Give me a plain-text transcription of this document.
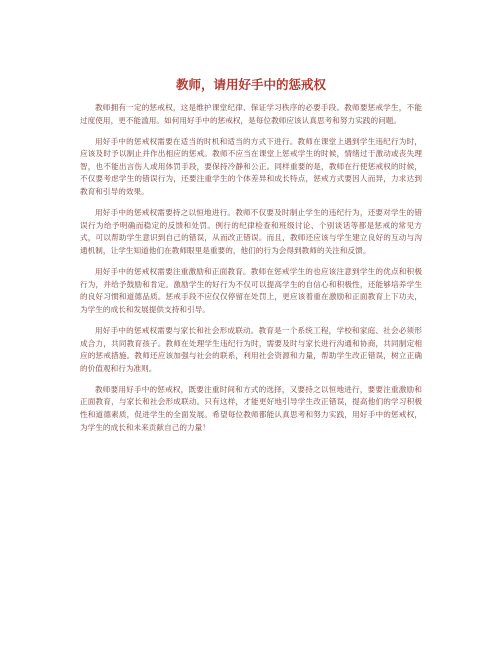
教师，请用好手中的惩戒权

教师拥有一定的惩戒权，这是维护课堂纪律、保证学习秩序的必要手段。教师要惩戒学生，不能过度使用，更不能滥用。如何用好手中的惩戒权，是每位教师应该认真思考和努力实践的问题。

用好手中的惩戒权需要在适当的时机和适当的方式下进行。教师在课堂上遇到学生违纪行为时，应该及时予以制止并作出相应的惩戒。教师不应当在课堂上惩戒学生的时候，情绪过于激动或丧失理智，也不能出言伤人或用体罚手段，要保持冷静和公正。同样重要的是，教师在行使惩戒权的时候，不仅要考虑学生的错误行为，还要注重学生的个体差异和成长特点，惩戒方式要因人而异，力求达到教育和引导的效果。

用好手中的惩戒权需要持之以恒地进行。教师不仅要及时制止学生的违纪行为，还要对学生的错误行为给予明确而稳定的反馈和处罚。例行的纪律检查和班级讨论、个别谈话等都是惩戒的常见方式，可以帮助学生意识到自己的错误，从而改正错误。而且，教师还应该与学生建立良好的互动与沟通机制，让学生知道他们在教师眼里是重要的，他们的行为会得到教师的关注和反馈。

用好手中的惩戒权需要注重激励和正面教育。教师在惩戒学生的也应该注意到学生的优点和积极行为，并给予鼓励和肯定。激励学生的好行为不仅可以提高学生的自信心和积极性，还能够培养学生的良好习惯和道德品质。惩戒手段不应仅仅停留在处罚上，更应该着重在激励和正面教育上下功夫，为学生的成长和发展提供支持和引导。

用好手中的惩戒权需要与家长和社会形成联动。教育是一个系统工程，学校和家庭、社会必须形成合力，共同教育孩子。教师在处理学生违纪行为时，需要及时与家长进行沟通和协商，共同制定相应的惩戒措施。教师还应该加强与社会的联系，利用社会资源和力量，帮助学生改正错误，树立正确的价值观和行为准则。

教师要用好手中的惩戒权，既要注重时间和方式的选择，又要持之以恒地进行，要要注重激励和正面教育，与家长和社会形成联动。只有这样，才能更好地引导学生改正错误，提高他们的学习积极性和道德素质，促进学生的全面发展。希望每位教师都能认真思考和努力实践，用好手中的惩戒权，为学生的成长和未来贡献自己的力量！
